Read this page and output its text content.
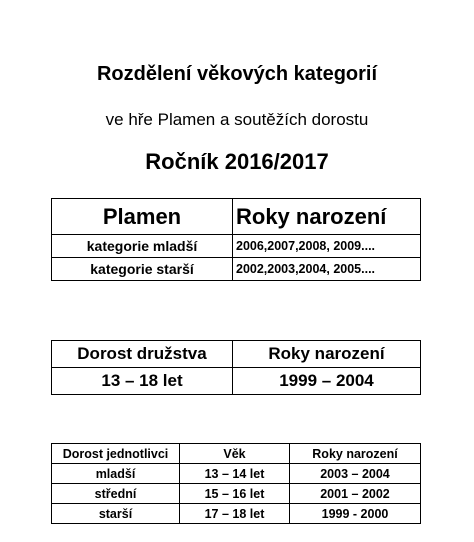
Rozdělení věkových kategorií
ve hře Plamen a soutěžích dorostu
Ročník 2016/2017
Plamen	Roky narození
kategorie mladší	2006,2007,2008, 2009....
kategorie starší	2002,2003,2004, 2005....
Dorost družstva	Roky narození
13 – 18 let	1999 – 2004
Dorost jednotlivci	Věk	Roky narození
mladší	13 – 14 let	2003 – 2004
střední	15 – 16 let	2001 – 2002
starší	17 – 18 let	1999 - 2000
